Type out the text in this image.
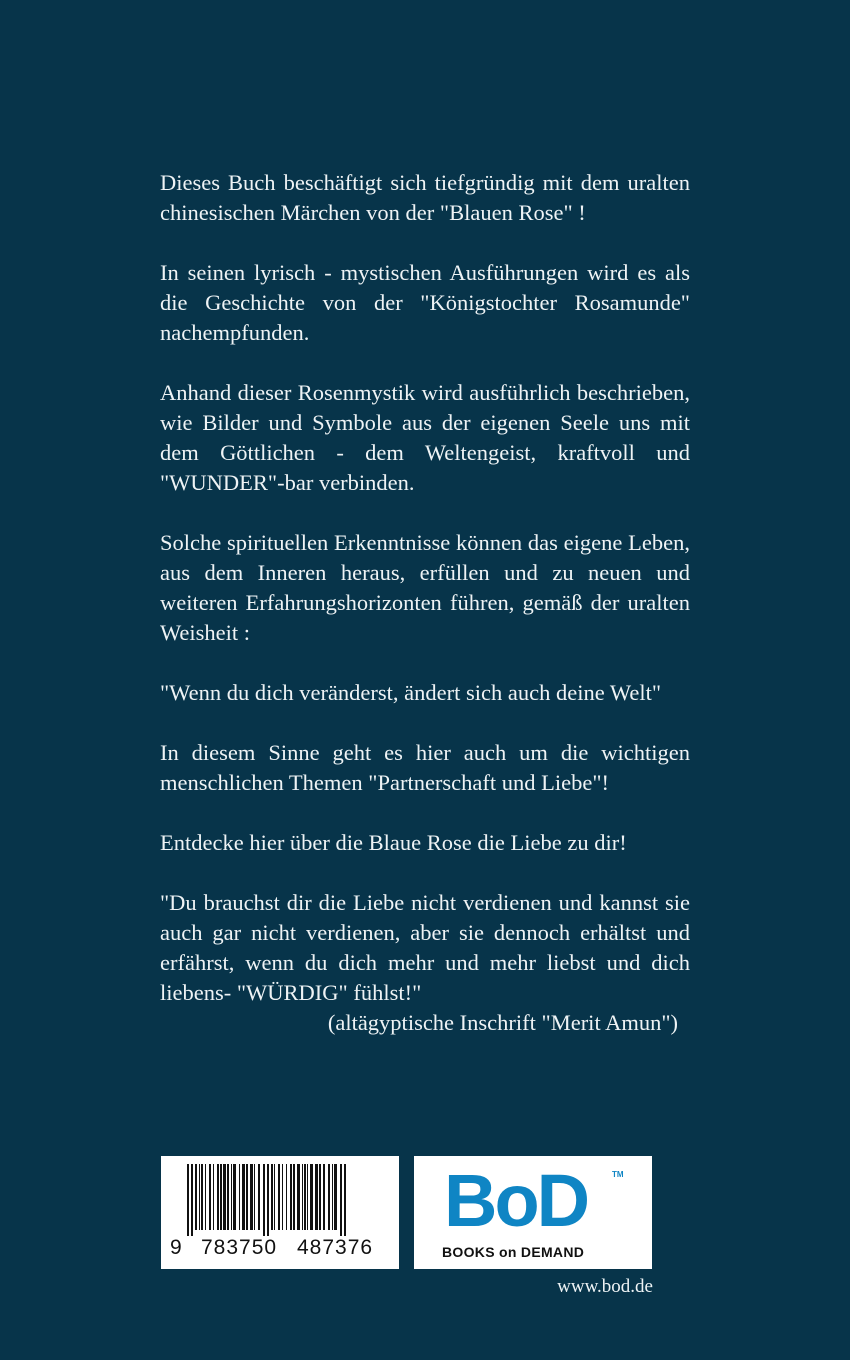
Dieses Buch beschäftigt sich tiefgründig mit dem uralten chinesischen Märchen von der "Blauen Rose" !

In seinen lyrisch - mystischen Ausführungen wird es als die Geschichte von der "Königstochter Rosamunde" nachempfunden.

Anhand dieser Rosenmystik wird ausführlich beschrieben, wie Bilder und Symbole aus der eigenen Seele uns mit dem Göttlichen - dem Weltengeist, kraftvoll und "WUNDER"-bar verbinden.

Solche spirituellen Erkenntnisse können das eigene Leben, aus dem Inneren heraus, erfüllen und zu neuen und weiteren Erfahrungshorizonten führen, gemäß der uralten Weisheit :

"Wenn du dich veränderst, ändert sich auch deine Welt"

In diesem Sinne geht es hier auch um die wichtigen menschlichen Themen "Partnerschaft und Liebe"!

Entdecke hier über die Blaue Rose die Liebe zu dir!

"Du brauchst dir die Liebe nicht verdienen und kannst sie auch gar nicht verdienen, aber sie dennoch erhältst und erfährst, wenn du dich mehr und mehr liebst und dich liebens- "WÜRDIG" fühlst!"

(altägyptische Inschrift "Merit Amun")
9 783750 487376
BoD	TM
BOOKS on DEMAND
www.bod.de
